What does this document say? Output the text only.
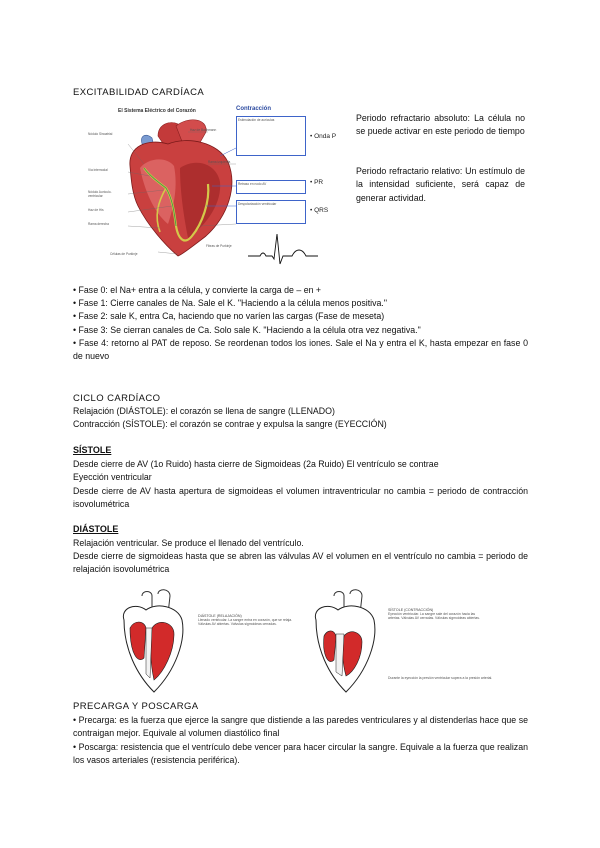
EXCITABILIDAD CARDÍACA
El Sistema Eléctrico del Corazón
Nódulo Sinoatrial
Vía internodal
Nódulo Aurículo-ventricular
Haz de His
Rama derecha
Haz de Bachmann
Rama izquierda
Fibras de Purkinje
Células de Purkinje
Contracción
Estimulación de aurículas
Retraso en nodo AV
Despolarización ventricular
• Onda P
• PR
• QRS
Periodo refractario absoluto: La célula no se puede activar en este periodo de tiempo
Periodo refractario relativo: Un estímulo de la intensidad suficiente, será capaz de generar actividad.
• Fase 0: el Na+ entra a la célula, y convierte la carga de – en +
• Fase 1: Cierre canales de Na. Sale el K. "Haciendo a la célula menos positiva."
• Fase 2: sale K, entra Ca, haciendo que no varíen las cargas (Fase de meseta)
• Fase 3: Se cierran canales de Ca. Solo sale K. "Haciendo a la célula otra vez negativa."
• Fase 4: retorno al PAT de reposo. Se reordenan todos los iones. Sale el Na y entra el K, hasta empezar en fase 0 de nuevo
CICLO CARDÍACO
Relajación (DIÁSTOLE): el corazón se llena de sangre (LLENADO)
Contracción (SÍSTOLE): el corazón se contrae y expulsa la sangre (EYECCIÓN)
SÍSTOLE
Desde cierre de AV (1o Ruido) hasta cierre de Sigmoideas (2a Ruido) El ventrículo se contrae
Eyección ventricular
Desde cierre de AV hasta apertura de sigmoideas el volumen intraventricular no cambia = periodo de contracción isovolumétrica
DIÁSTOLE
Relajación ventricular. Se produce el llenado del ventrículo.
Desde cierre de sigmoideas hasta que se abren las válvulas AV el volumen en el ventrículo no cambia = periodo de relajación isovolumétrica
DIÁSTOLE (RELAJACIÓN)
Llenado ventricular. La sangre entra en corazón, que se relaja. Válvulas AV abiertas. Válvulas sigmoideas cerradas.
SÍSTOLE (CONTRACCIÓN)
Eyección ventricular. La sangre sale del corazón hacia las arterias. Válvulas AV cerradas. Válvulas sigmoideas abiertas.
Durante la eyección la presión ventricular supera a la presión arterial.
PRECARGA Y POSCARGA
• Precarga: es la fuerza que ejerce la sangre que distiende a las paredes ventriculares y al distenderlas hace que se contraigan mejor. Equivale al volumen diastólico final
• Poscarga: resistencia que el ventrículo debe vencer para hacer circular la sangre. Equivale a la fuerza que realizan los vasos arteriales (resistencia periférica).
